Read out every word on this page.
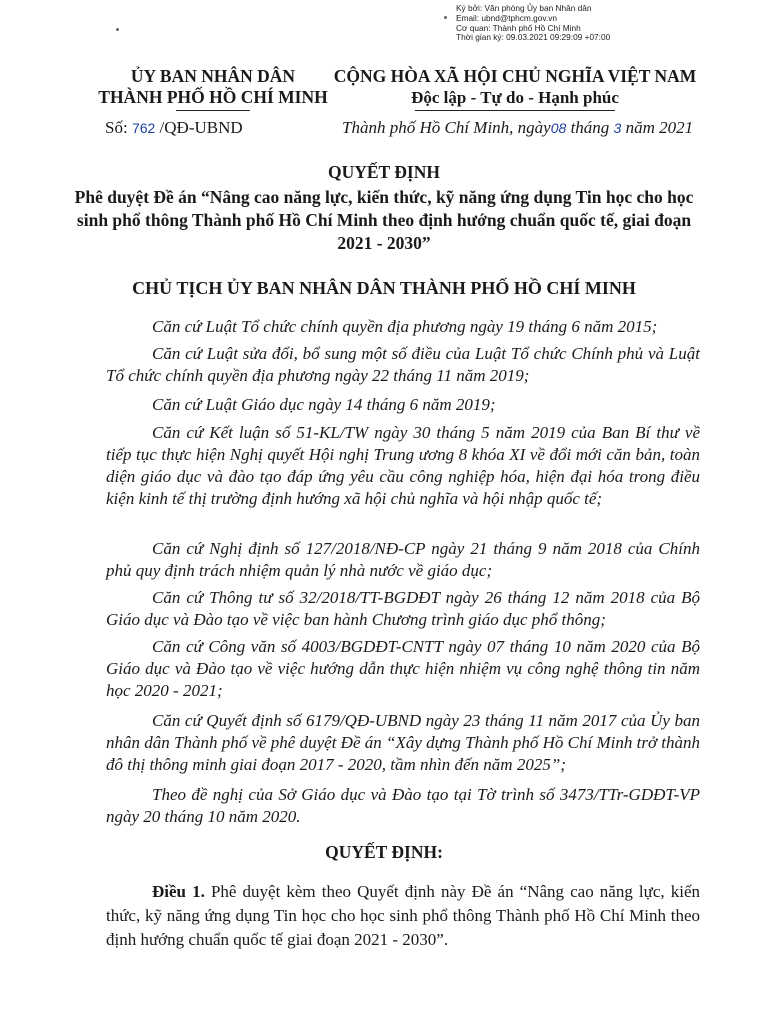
Ký bởi: Văn phòng Ủy ban Nhân dân
Email: ubnd@tphcm.gov.vn
Cơ quan: Thành phố Hồ Chí Minh
Thời gian ký: 09.03.2021 09:29:09 +07:00
ỦY BAN NHÂN DÂN
THÀNH PHỐ HỒ CHÍ MINH
CỘNG HÒA XÃ HỘI CHỦ NGHĨA VIỆT NAM
Độc lập - Tự do - Hạnh phúc
Số: 762 /QĐ-UBND	Thành phố Hồ Chí Minh, ngày08 tháng 3 năm 2021
QUYẾT ĐỊNH
Phê duyệt Đề án “Nâng cao năng lực, kiến thức, kỹ năng ứng dụng Tin học cho học sinh phổ thông Thành phố Hồ Chí Minh theo định hướng chuẩn quốc tế, giai đoạn 2021 - 2030”
CHỦ TỊCH ỦY BAN NHÂN DÂN THÀNH PHỐ HỒ CHÍ MINH
Căn cứ Luật Tổ chức chính quyền địa phương ngày 19 tháng 6 năm 2015;
Căn cứ Luật sửa đổi, bổ sung một số điều của Luật Tổ chức Chính phủ và Luật Tổ chức chính quyền địa phương ngày 22 tháng 11 năm 2019;
Căn cứ Luật Giáo dục ngày 14 tháng 6 năm 2019;
Căn cứ Kết luận số 51-KL/TW ngày 30 tháng 5 năm 2019 của Ban Bí thư về tiếp tục thực hiện Nghị quyết Hội nghị Trung ương 8 khóa XI về đổi mới căn bản, toàn diện giáo dục và đào tạo đáp ứng yêu cầu công nghiệp hóa, hiện đại hóa trong điều kiện kinh tế thị trường định hướng xã hội chủ nghĩa và hội nhập quốc tế;
Căn cứ Nghị định số 127/2018/NĐ-CP ngày 21 tháng 9 năm 2018 của Chính phủ quy định trách nhiệm quản lý nhà nước về giáo dục;
Căn cứ Thông tư số 32/2018/TT-BGDĐT ngày 26 tháng 12 năm 2018 của Bộ Giáo dục và Đào tạo về việc ban hành Chương trình giáo dục phổ thông;
Căn cứ Công văn số 4003/BGDĐT-CNTT ngày 07 tháng 10 năm 2020 của Bộ Giáo dục và Đào tạo về việc hướng dẫn thực hiện nhiệm vụ công nghệ thông tin năm học 2020 - 2021;
Căn cứ Quyết định số 6179/QĐ-UBND ngày 23 tháng 11 năm 2017 của Ủy ban nhân dân Thành phố về phê duyệt Đề án “Xây dựng Thành phố Hồ Chí Minh trở thành đô thị thông minh giai đoạn 2017 - 2020, tầm nhìn đến năm 2025”;
Theo đề nghị của Sở Giáo dục và Đào tạo tại Tờ trình số 3473/TTr-GDĐT-VP ngày 20 tháng 10 năm 2020.
QUYẾT ĐỊNH:
Điều 1. Phê duyệt kèm theo Quyết định này Đề án “Nâng cao năng lực, kiến thức, kỹ năng ứng dụng Tin học cho học sinh phổ thông Thành phố Hồ Chí Minh theo định hướng chuẩn quốc tế giai đoạn 2021 - 2030”.
